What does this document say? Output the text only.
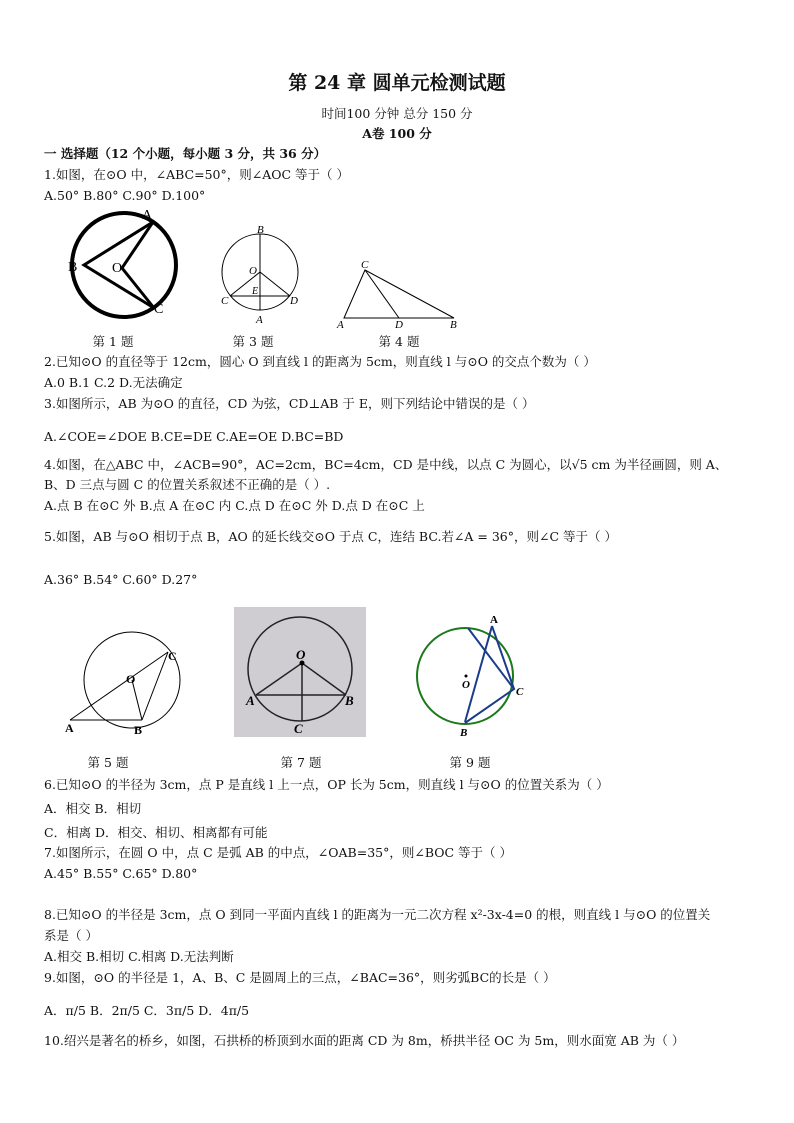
第 24 章 圆单元检测试题
时间100 分钟 总分 150 分
A卷 100 分
一 选择题（12 个小题，每小题 3 分，共 36 分）
1.如图，在⊙O 中，∠ABC=50°，则∠AOC 等于（ ）
A.50° B.80° C.90° D.100°
A
B
C
O
B
O
E
C	D
A
C
A	D	B
第 1 题	第 3 题	第 4 题
2.已知⊙O 的直径等于 12cm，圆心 O 到直线 l 的距离为 5cm，则直线 l 与⊙O 的交点个数为（ ）
A.0 B.1 C.2 D.无法确定
3.如图所示，AB 为⊙O 的直径，CD 为弦，CD⊥AB 于 E，则下列结论中错误的是（ ）
A.∠COE=∠DOE B.CE=DE C.AE=OE D.BC=BD
4.如图，在△ABC 中，∠ACB=90°，AC=2cm，BC=4cm，CD 是中线，以点 C 为圆心，以√5 cm 为半径画圆，则 A、
B、D 三点与圆 C 的位置关系叙述不正确的是（ ）.
A.点 B 在⊙C 外 B.点 A 在⊙C 内 C.点 D 在⊙C 外 D.点 D 在⊙C 上
5.如图，AB 与⊙O 相切于点 B，AO 的延长线交⊙O 于点 C，连结 BC.若∠A = 36°，则∠C 等于（ ）
A.36° B.54° C.60° D.27°
O
C
A	B
O
A	B
C
A
O
C
B
第 5 题	第 7 题	第 9 题
6.已知⊙O 的半径为 3cm，点 P 是直线 l 上一点，OP 长为 5cm，则直线 l 与⊙O 的位置关系为（ ）
A．相交 B．相切
C．相离 D．相交、相切、相离都有可能
7.如图所示，在圆 O 中，点 C 是弧 AB 的中点，∠OAB=35°，则∠BOC 等于（ ）
A.45° B.55° C.65° D.80°
8.已知⊙O 的半径是 3cm，点 O 到同一平面内直线 l 的距离为一元二次方程 x²-3x-4=0 的根，则直线 l 与⊙O 的位置关
系是（ ）
A.相交 B.相切 C.相离 D.无法判断
9.如图，⊙O 的半径是 1，A、B、C 是圆周上的三点，∠BAC=36°，则劣弧BC的长是（ ）
A．π/5 B．2π/5 C．3π/5 D．4π/5
10.绍兴是著名的桥乡，如图，石拱桥的桥顶到水面的距离 CD 为 8m，桥拱半径 OC 为 5m，则水面宽 AB 为（ ）
